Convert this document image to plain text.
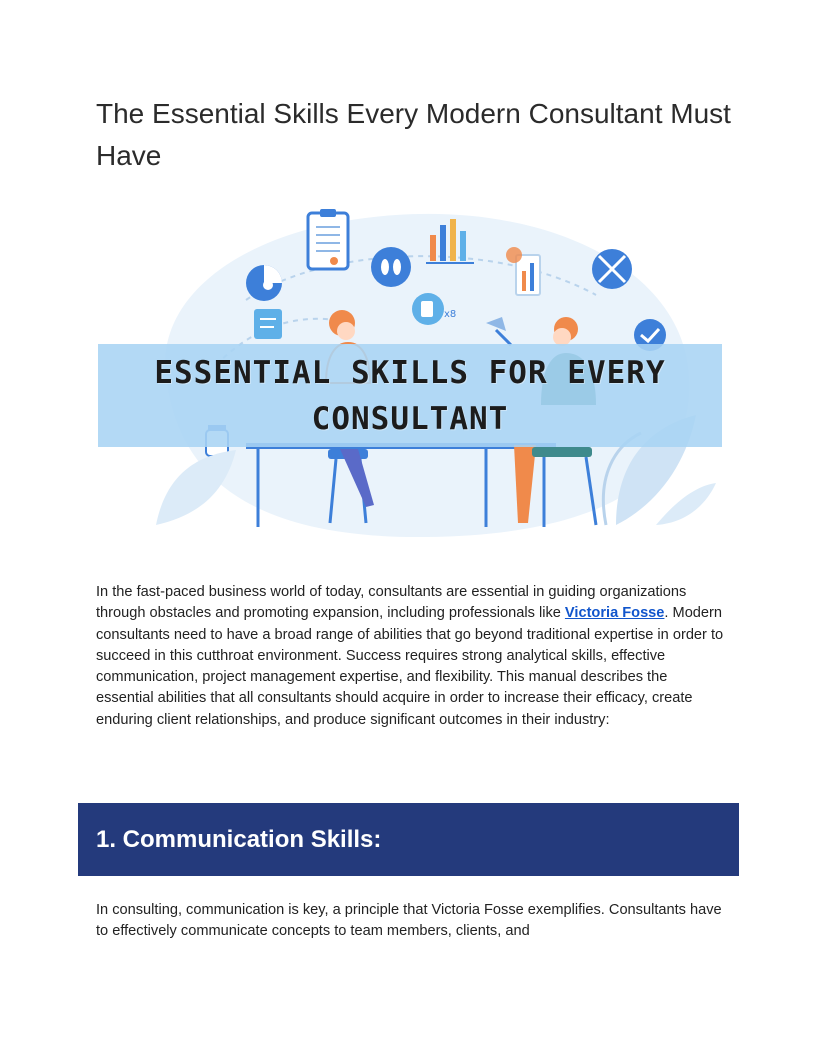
The Essential Skills Every Modern Consultant Must Have
x8
ESSENTIAL SKILLS FOR EVERY CONSULTANT

In the fast-paced business world of today, consultants are essential in guiding organizations through obstacles and promoting expansion, including professionals like Victoria Fosse. Modern consultants need to have a broad range of abilities that go beyond traditional expertise in order to succeed in this cutthroat environment. Success requires strong analytical skills, effective communication, project management expertise, and flexibility. This manual describes the essential abilities that all consultants should acquire in order to increase their efficacy, create enduring client relationships, and produce significant outcomes in their industry:

1. Communication Skills:

In consulting, communication is key, a principle that Victoria Fosse exemplifies. Consultants have to effectively communicate concepts to team members, clients, and
